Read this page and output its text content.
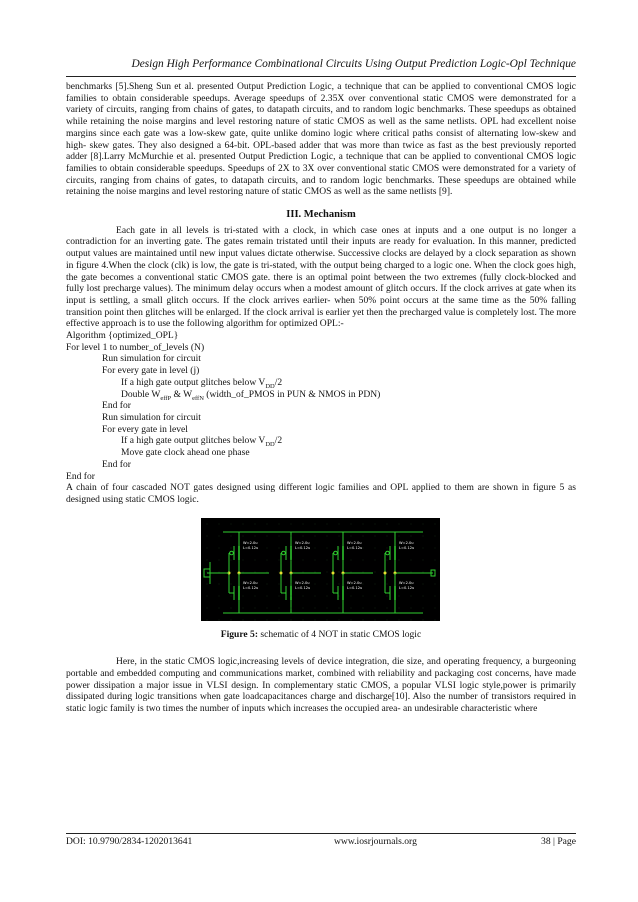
Design High Performance Combinational Circuits Using Output Prediction Logic-Opl Technique

benchmarks [5].Sheng Sun et al. presented Output Prediction Logic, a technique that can be applied to conventional CMOS logic families to obtain considerable speedups. Average speedups of 2.35X over conventional static CMOS were demonstrated for a variety of circuits, ranging from chains of gates, to datapath circuits, and to random logic benchmarks. These speedups as obtained while retaining the noise margins and level restoring nature of static CMOS as well as the same netlists. OPL had excellent noise margins since each gate was a low-skew gate, quite unlike domino logic where critical paths consist of alternating low-skew and high- skew gates. They also designed a 64-bit. OPL-based adder that was more than twice as fast as the best previously reported adder [8].Larry McMurchie et al. presented Output Prediction Logic, a technique that can be applied to conventional CMOS logic families to obtain considerable speedups. Speedups of 2X to 3X over conventional static CMOS were demonstrated for a variety of circuits, ranging from chains of gates, to datapath circuits, and to random logic benchmarks. These speedups are obtained while retaining the noise margins and level restoring nature of static CMOS as well as the same netlists [9].

III. Mechanism

Each gate in all levels is tri-stated with a clock, in which case ones at inputs and a one output is no longer a contradiction for an inverting gate. The gates remain tristated until their inputs are ready for evaluation. In this manner, predicted output values are maintained until new input values dictate otherwise. Successive clocks are delayed by a clock separation as shown in figure 4.When the clock (clk) is low, the gate is tri-stated, with the output being charged to a logic one. When the clock goes high, the gate becomes a conventional static CMOS gate. there is an optimal point between the two extremes (fully clock-blocked and fully lost precharge values). The minimum delay occurs when a modest amount of glitch occurs. If the clock arrives at gate when its input is settling, a small glitch occurs. If the clock arrives earlier- when 50% point occurs at the same time as the 50% falling transition point then glitches will be enlarged. If the clock arrival is earlier yet then the precharged value is completely lost. The more effective approach is to use the following algorithm for optimized OPL:-

Algorithm {optimized_OPL}
For level 1 to number_of_levels (N)
Run simulation for circuit
For every gate in level (j)
If a high gate output glitches below $V_{DD}/2$
Double $W_{effP}$ & $W_{effN}$ (width_of_PMOS in PUN & NMOS in PDN)
End for
Run simulation for circuit
For every gate in level
If a high gate output glitches below $V_{DD}/2$
Move gate clock ahead one phase
End for
End for

A chain of four cascaded NOT gates designed using different logic families and OPL applied to them are shown in figure 5 as designed using static CMOS logic.

W=2.0u
L=0.12u
W=2.0u
L=0.12u
W=2.0u
L=0.12u
W=2.0u
L=0.12u
W=2.0u
L=0.12u
W=2.0u
L=0.12u
W=2.0u
L=0.12u
W=2.0u
L=0.12u

Figure 5: schematic of 4 NOT in static CMOS logic

Here, in the static CMOS logic,increasing levels of device integration, die size, and operating frequency, a burgeoning portable and embedded computing and communications market, combined with reliability and packaging cost concerns, have made power dissipation a major issue in VLSI design. In complementary static CMOS, a popular VLSI logic style,power is primarily dissipated during logic transitions when gate loadcapacitances charge and discharge[10]. Also the number of transistors required in static logic family is two times the number of inputs which increases the occupied area- an undesirable characteristic where

DOI: 10.9790/2834-1202013641	www.iosrjournals.org	38 | Page
